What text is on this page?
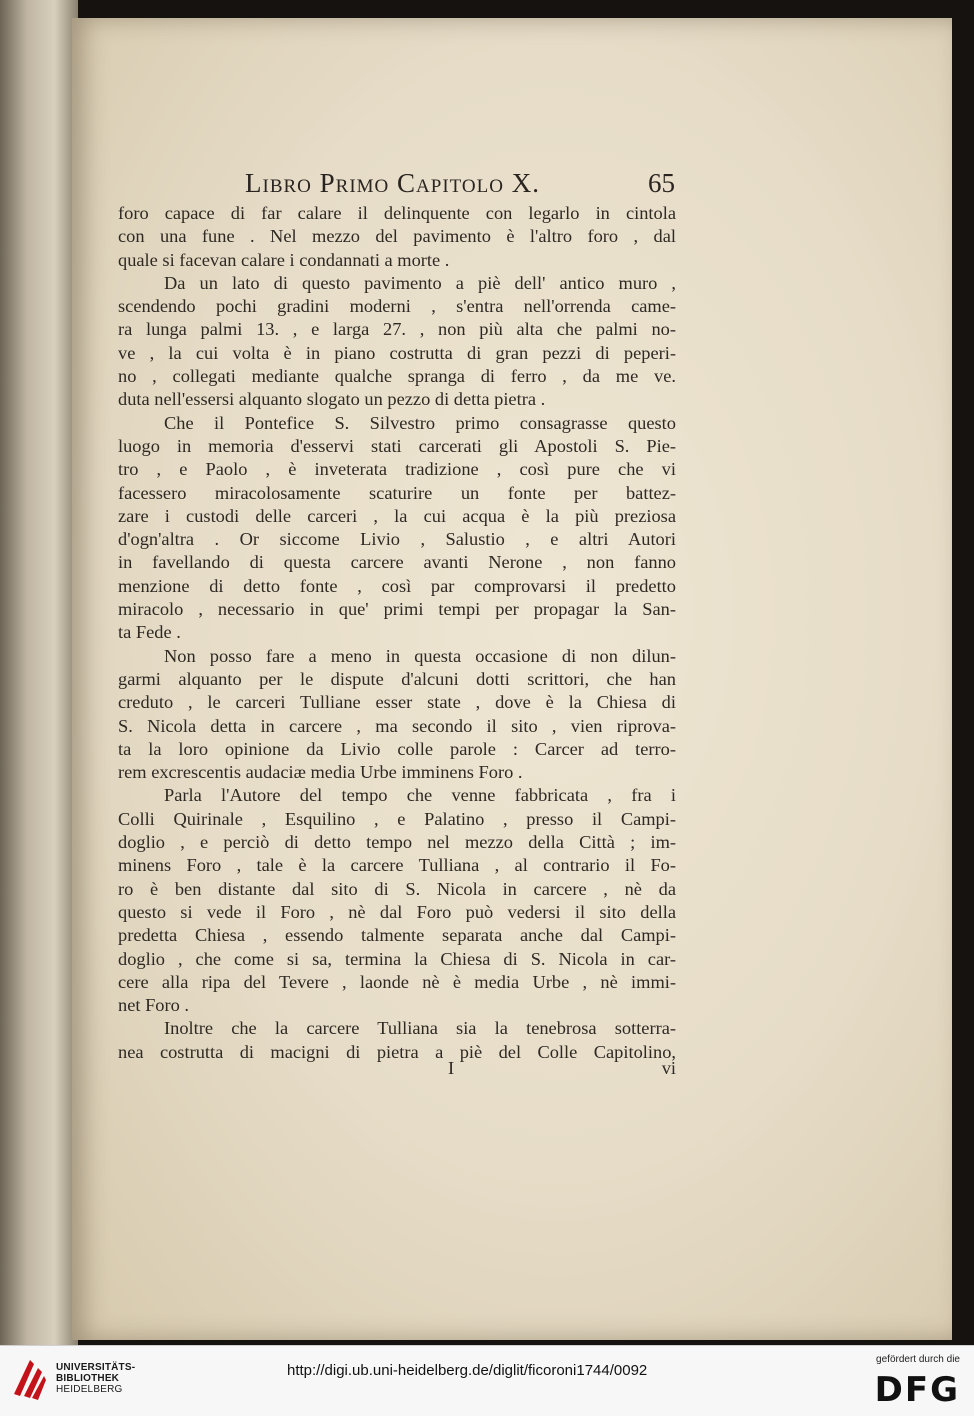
Libro Primo Capitolo X.	65
foro capace di far calare il delinquente con legarlo in cintola
con una fune . Nel mezzo del pavimento è l'altro foro , dal
quale si facevan calare i condannati a morte .
Da un lato di questo pavimento a piè dell' antico muro ,
scendendo pochi gradini moderni , s'entra nell'orrenda came-
ra lunga palmi 13. , e larga 27. , non più alta che palmi no-
ve , la cui volta è in piano costrutta di gran pezzi di peperi-
no , collegati mediante qualche spranga di ferro , da me ve.
duta nell'essersi alquanto slogato un pezzo di detta pietra .
Che il Pontefice S. Silvestro primo consagrasse questo
luogo in memoria d'esservi stati carcerati gli Apostoli S. Pie-
tro , e Paolo , è inveterata tradizione , così pure che vi
facessero miracolosamente scaturire un fonte per battez-
zare i custodi delle carceri , la cui acqua è la più preziosa
d'ogn'altra . Or siccome Livio , Salustio , e altri Autori
in favellando di questa carcere avanti Nerone , non fanno
menzione di detto fonte , così par comprovarsi il predetto
miracolo , necessario in que' primi tempi per propagar la San-
ta Fede .
Non posso fare a meno in questa occasione di non dilun-
garmi alquanto per le dispute d'alcuni dotti scrittori, che han
creduto , le carceri Tulliane esser state , dove è la Chiesa di
S. Nicola detta in carcere , ma secondo il sito , vien riprova-
ta la loro opinione da Livio colle parole : Carcer ad terro-
rem excrescentis audaciæ media Urbe imminens Foro .
Parla l'Autore del tempo che venne fabbricata , fra i
Colli Quirinale , Esquilino , e Palatino , presso il Campi-
doglio , e perciò di detto tempo nel mezzo della Città ; im-
minens Foro , tale è la carcere Tulliana , al contrario il Fo-
ro è ben distante dal sito di S. Nicola in carcere , nè da
questo si vede il Foro , nè dal Foro può vedersi il sito della
predetta Chiesa , essendo talmente separata anche dal Campi-
doglio , che come si sa, termina la Chiesa di S. Nicola in car-
cere alla ripa del Tevere , laonde nè è media Urbe , nè immi-
net Foro .
Inoltre che la carcere Tulliana sia la tenebrosa sotterra-
nea costrutta di macigni di pietra a piè del Colle Capitolino,
I	vi
UNIVERSITÄTS-
BIBLIOTHEK
HEIDELBERG
http://digi.ub.uni-heidelberg.de/diglit/ficoroni1744/0092
gefördert durch die
DFG
